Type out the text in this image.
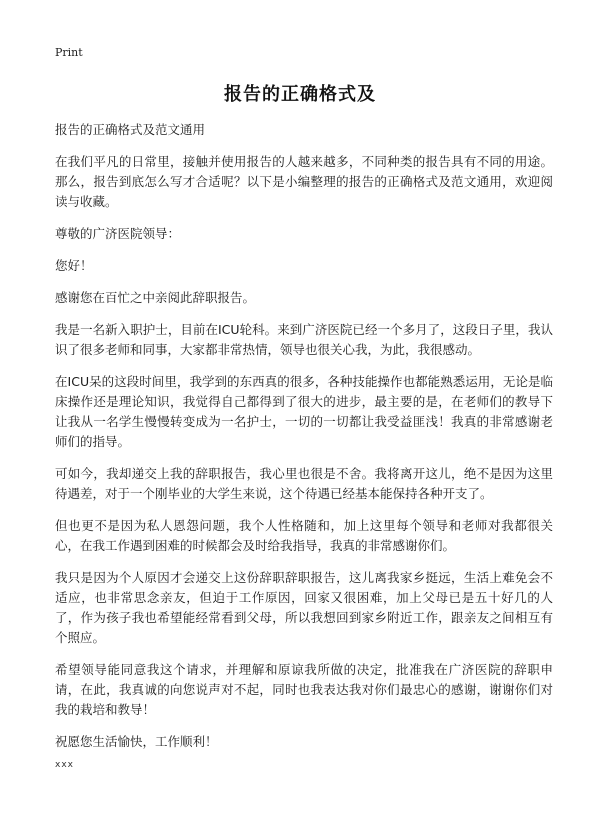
Print
报告的正确格式及

报告的正确格式及范文通用

在我们平凡的日常里，接触并使用报告的人越来越多，不同种类的报告具有不同的用途。那么，报告到底怎么写才合适呢？以下是小编整理的报告的正确格式及范文通用，欢迎阅读与收藏。

尊敬的广济医院领导：

您好！

感谢您在百忙之中亲阅此辞职报告。

我是一名新入职护士，目前在ICU轮科。来到广济医院已经一个多月了，这段日子里，我认识了很多老师和同事，大家都非常热情，领导也很关心我，为此，我很感动。

在ICU呆的这段时间里，我学到的东西真的很多，各种技能操作也都能熟悉运用，无论是临床操作还是理论知识，我觉得自己都得到了很大的进步，最主要的是，在老师们的教导下让我从一名学生慢慢转变成为一名护士，一切的一切都让我受益匪浅！我真的非常感谢老师们的指导。

可如今，我却递交上我的辞职报告，我心里也很是不舍。我将离开这儿，绝不是因为这里待遇差，对于一个刚毕业的大学生来说，这个待遇已经基本能保持各种开支了。

但也更不是因为私人恩怨问题，我个人性格随和，加上这里每个领导和老师对我都很关心，在我工作遇到困难的时候都会及时给我指导，我真的非常感谢你们。

我只是因为个人原因才会递交上这份辞职辞职报告，这儿离我家乡挺远，生活上难免会不适应，也非常思念亲友，但迫于工作原因，回家又很困难，加上父母已是五十好几的人了，作为孩子我也希望能经常看到父母，所以我想回到家乡附近工作，跟亲友之间相互有个照应。

希望领导能同意我这个请求，并理解和原谅我所做的决定，批准我在广济医院的辞职申请，在此，我真诚的向您说声对不起，同时也我表达我对你们最忠心的感谢，谢谢你们对我的栽培和教导！

祝愿您生活愉快，工作顺利！

xxx
